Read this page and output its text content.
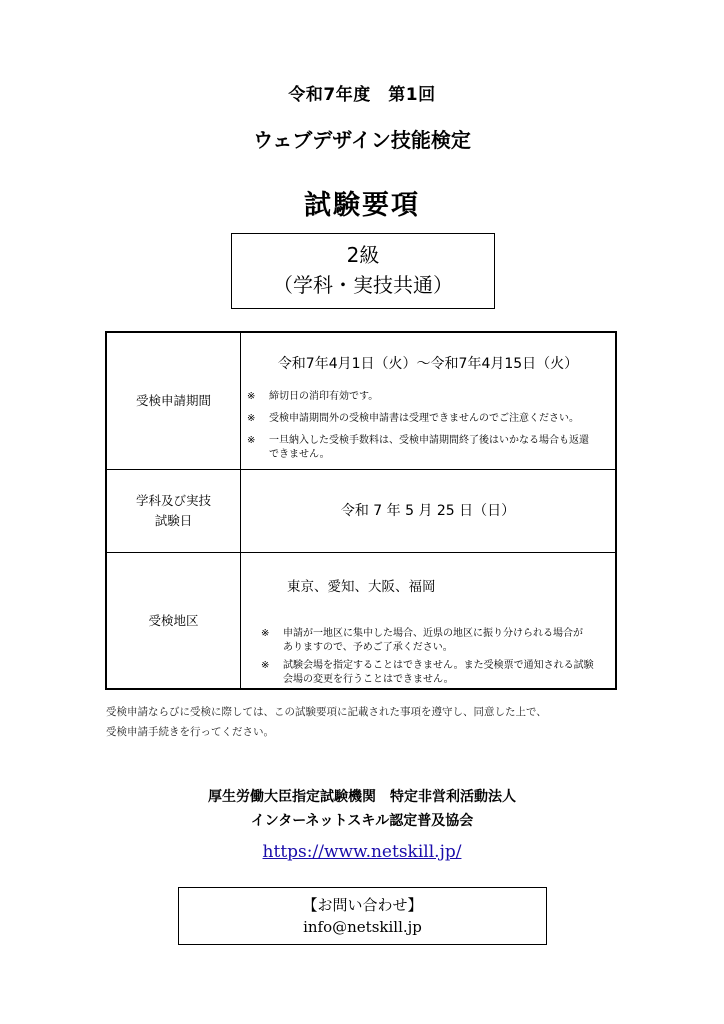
令和7年度　第1回
ウェブデザイン技能検定
試験要項
2級
（学科・実技共通）
受検申請期間
令和7年4月1日（火）～令和7年4月15日（火）
※ 締切日の消印有効です。
※ 受検申請期間外の受検申請書は受理できませんのでご注意ください。
※ 一旦納入した受検手数料は、受検申請期間終了後はいかなる場合も返還
できません。
学科及び実技
試験日
令和 7 年 5 月 25 日（日）
受検地区
東京、愛知、大阪、福岡
※ 申請が一地区に集中した場合、近県の地区に振り分けられる場合が
ありますので、予めご了承ください。
※ 試験会場を指定することはできません。また受検票で通知される試験
会場の変更を行うことはできません。
受検申請ならびに受検に際しては、この試験要項に記載された事項を遵守し、同意した上で、
受検申請手続きを行ってください。
厚生労働大臣指定試験機関　特定非営利活動法人
インターネットスキル認定普及協会
https://www.netskill.jp/
【お問い合わせ】
info@netskill.jp
